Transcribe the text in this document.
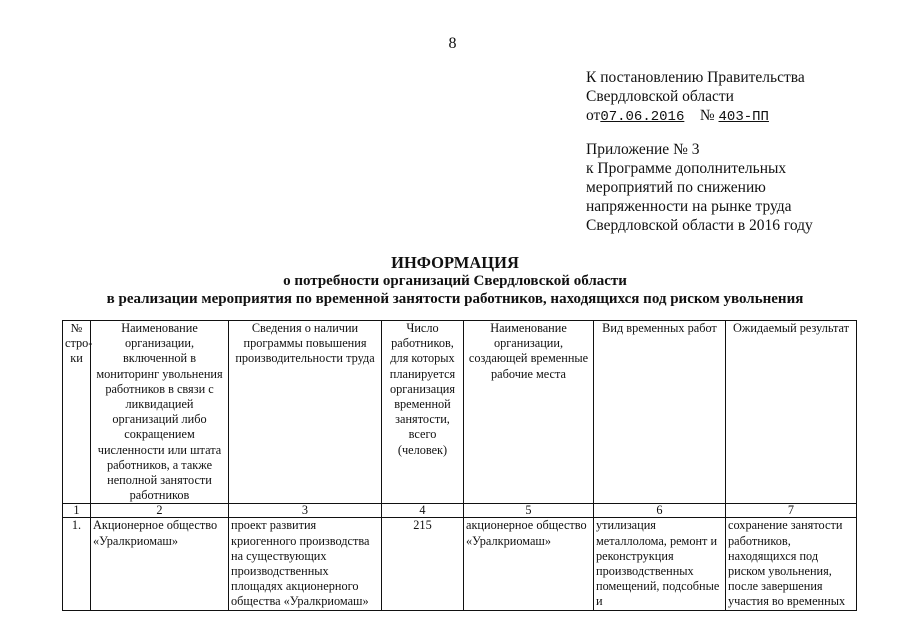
8
К постановлению Правительства
Свердловской области
от07.06.2016 № 403-ПП
Приложение № 3
к Программе дополнительных
мероприятий по снижению
напряженности на рынке труда
Свердловской области в 2016 году
ИНФОРМАЦИЯ
о потребности организаций Свердловской области
в реализации мероприятия по временной занятости работников, находящихся под риском увольнения
№ стро-ки	Наименование организации, включенной в мониторинг увольнения работников в связи с ликвидацией организаций либо сокращением численности или штата работников, а также неполной занятости работников	Сведения о наличии программы повышения производительности труда	Число работников, для которых планируется организация временной занятости, всего (человек)	Наименование организации, создающей временные рабочие места	Вид временных работ	Ожидаемый результат
1	2	3	4	5	6	7
1.	Акционерное общество «Уралкриомаш»	проект развития криогенного производства на существующих производственных площадях акционерного общества «Уралкриомаш»	215	акционерное общество «Уралкриомаш»	утилизация металлолома, ремонт и реконструкция производственных помещений, подсобные и	сохранение занятости работников, находящихся под риском увольнения, после завершения участия во временных
